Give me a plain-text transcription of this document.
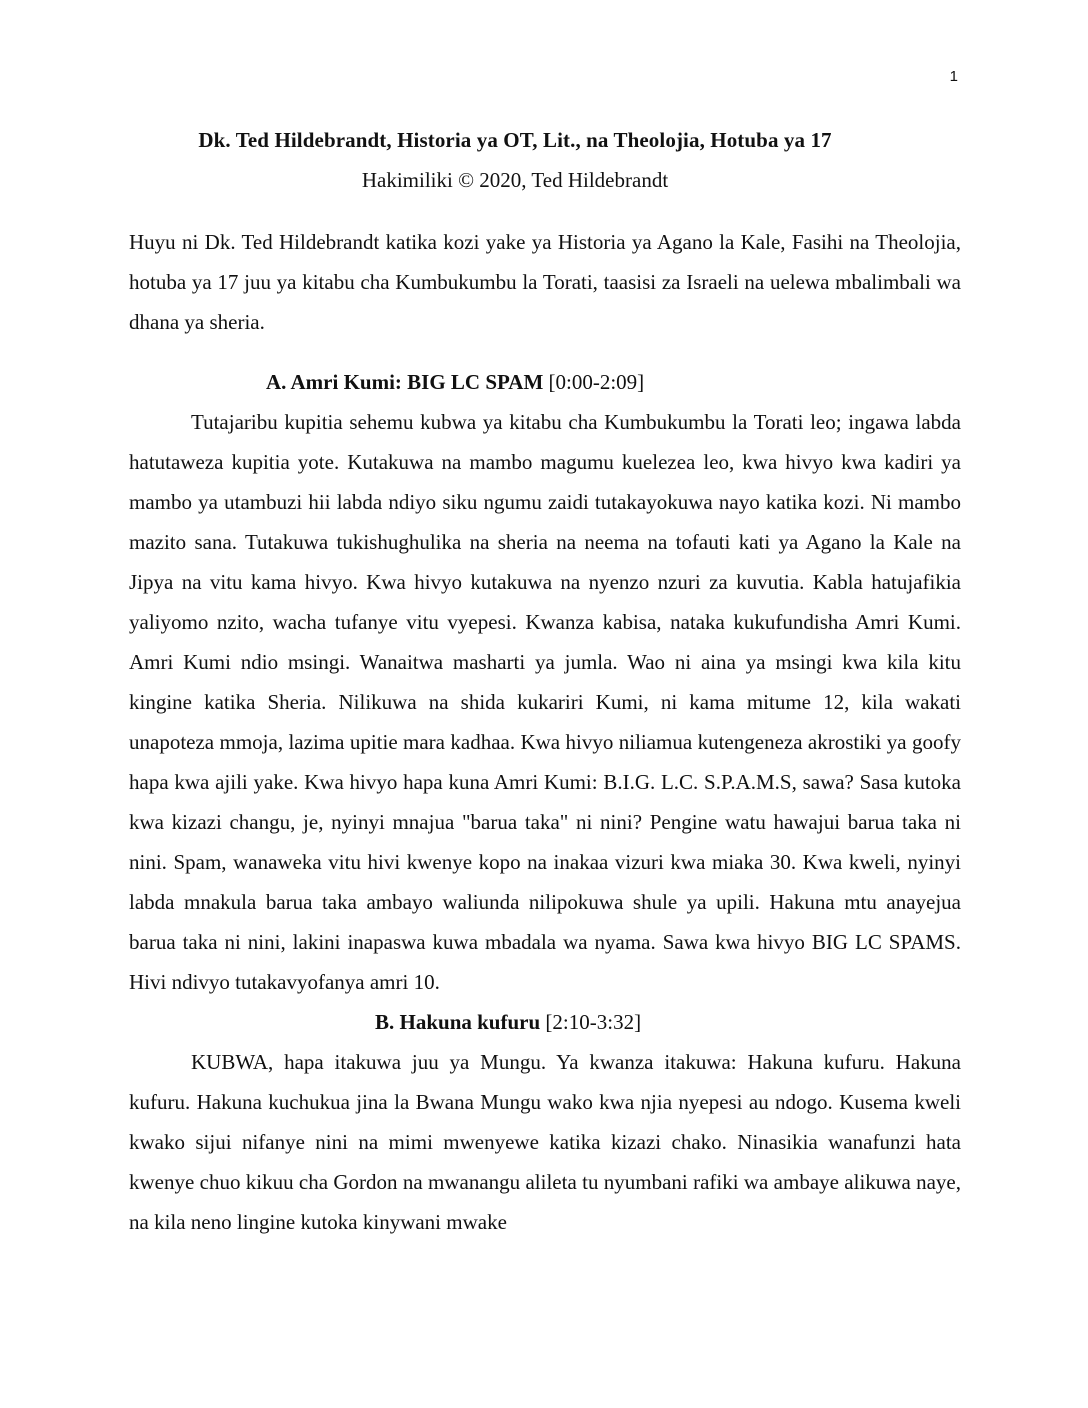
1
Dk. Ted Hildebrandt, Historia ya OT, Lit., na Theolojia, Hotuba ya 17
Hakimiliki © 2020, Ted Hildebrandt

Huyu ni Dk. Ted Hildebrandt katika kozi yake ya Historia ya Agano la Kale, Fasihi na Theolojia, hotuba ya 17 juu ya kitabu cha Kumbukumbu la Torati, taasisi za Israeli na uelewa mbalimbali wa dhana ya sheria.

A. Amri Kumi: BIG LC SPAM [0:00-2:09]

Tutajaribu kupitia sehemu kubwa ya kitabu cha Kumbukumbu la Torati leo; ingawa labda hatutaweza kupitia yote. Kutakuwa na mambo magumu kuelezea leo, kwa hivyo kwa kadiri ya mambo ya utambuzi hii labda ndiyo siku ngumu zaidi tutakayokuwa nayo katika kozi. Ni mambo mazito sana. Tutakuwa tukishughulika na sheria na neema na tofauti kati ya Agano la Kale na Jipya na vitu kama hivyo. Kwa hivyo kutakuwa na nyenzo nzuri za kuvutia. Kabla hatujafikia yaliyomo nzito, wacha tufanye vitu vyepesi. Kwanza kabisa, nataka kukufundisha Amri Kumi. Amri Kumi ndio msingi. Wanaitwa masharti ya jumla. Wao ni aina ya msingi kwa kila kitu kingine katika Sheria. Nilikuwa na shida kukariri Kumi, ni kama mitume 12, kila wakati unapoteza mmoja, lazima upitie mara kadhaa. Kwa hivyo niliamua kutengeneza akrostiki ya goofy hapa kwa ajili yake. Kwa hivyo hapa kuna Amri Kumi: B.I.G. L.C. S.P.A.M.S, sawa? Sasa kutoka kwa kizazi changu, je, nyinyi mnajua "barua taka" ni nini? Pengine watu hawajui barua taka ni nini. Spam, wanaweka vitu hivi kwenye kopo na inakaa vizuri kwa miaka 30. Kwa kweli, nyinyi labda mnakula barua taka ambayo waliunda nilipokuwa shule ya upili. Hakuna mtu anayejua barua taka ni nini, lakini inapaswa kuwa mbadala wa nyama. Sawa kwa hivyo BIG LC SPAMS. Hivi ndivyo tutakavyofanya amri 10.

B. Hakuna kufuru [2:10-3:32]

KUBWA, hapa itakuwa juu ya Mungu. Ya kwanza itakuwa: Hakuna kufuru. Hakuna kufuru. Hakuna kuchukua jina la Bwana Mungu wako kwa njia nyepesi au ndogo. Kusema kweli kwako sijui nifanye nini na mimi mwenyewe katika kizazi chako. Ninasikia wanafunzi hata kwenye chuo kikuu cha Gordon na mwanangu alileta tu nyumbani rafiki wa ambaye alikuwa naye, na kila neno lingine kutoka kinywani mwake
